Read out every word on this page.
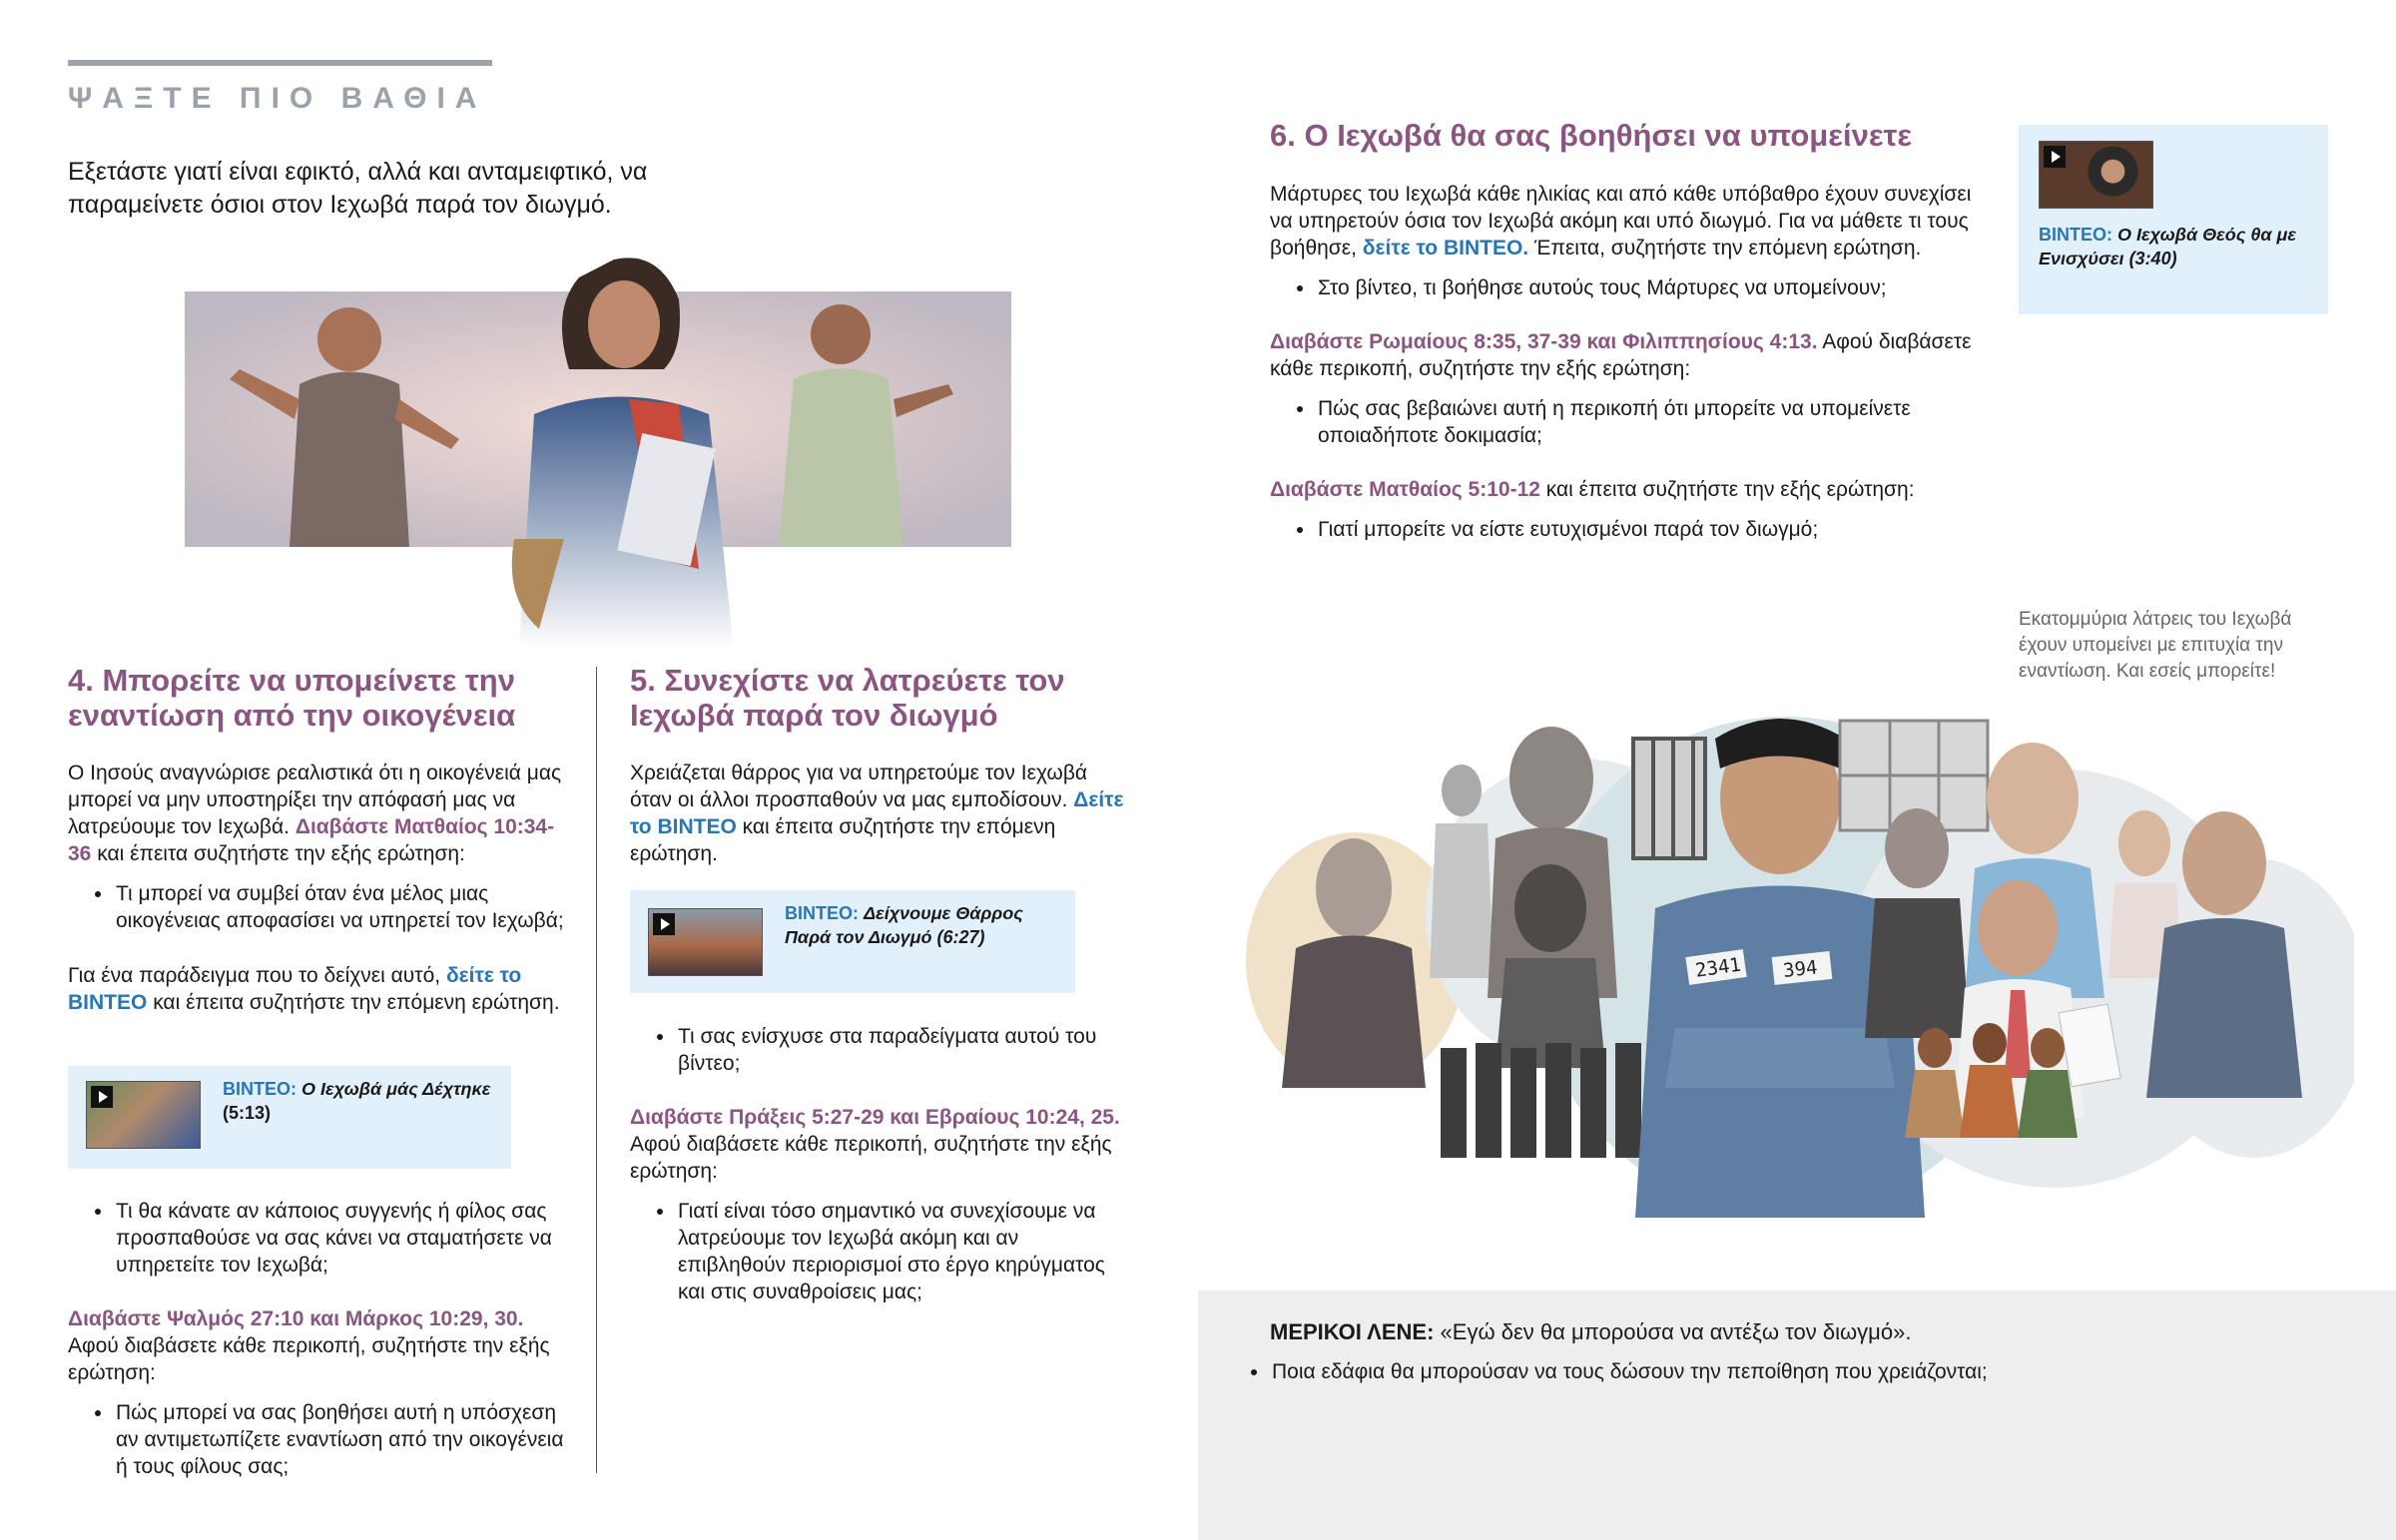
ΨΑΞΤΕ ΠΙΟ ΒΑΘΙΑ

Εξετάστε γιατί είναι εφικτό, αλλά και ανταμειφτικό, να παραμείνετε όσιοι στον Ιεχωβά παρά τον διωγμό.

4. Μπορείτε να υπομείνετε την εναντίωση από την οικογένεια

Ο Ιησούς αναγνώρισε ρεαλιστικά ότι η οικογένειά μας μπορεί να μην υποστηρίξει την απόφασή μας να λατρεύουμε τον Ιεχωβά. Διαβάστε Ματθαίος 10:34-36 και έπειτα συζητήστε την εξής ερώτηση:

• Τι μπορεί να συμβεί όταν ένα μέλος μιας οικογένειας αποφασίσει να υπηρετεί τον Ιεχωβά;

Για ένα παράδειγμα που το δείχνει αυτό, δείτε το ΒΙΝΤΕΟ και έπειτα συζητήστε την επόμενη ερώτηση.

ΒΙΝΤΕΟ: Ο Ιεχωβά μάς Δέχτηκε (5:13)
• Τι θα κάνατε αν κάποιος συγγενής ή φίλος σας προσπαθούσε να σας κάνει να σταματήσετε να υπηρετείτε τον Ιεχωβά;

Διαβάστε Ψαλμός 27:10 και Μάρκος 10:29, 30.
Αφού διαβάσετε κάθε περικοπή, συζητήστε την εξής ερώτηση:

• Πώς μπορεί να σας βοηθήσει αυτή η υπόσχεση αν αντιμετωπίζετε εναντίωση από την οικογένεια ή τους φίλους σας;
5. Συνεχίστε να λατρεύετε τον Ιεχωβά παρά τον διωγμό

Χρειάζεται θάρρος για να υπηρετούμε τον Ιεχωβά όταν οι άλλοι προσπαθούν να μας εμποδίσουν. Δείτε το ΒΙΝΤΕΟ και έπειτα συζητήστε την επόμενη ερώτηση.

ΒΙΝΤΕΟ: Δείχνουμε Θάρρος Παρά τον Διωγμό (6:27)
• Τι σας ενίσχυσε στα παραδείγματα αυτού του βίντεο;

Διαβάστε Πράξεις 5:27-29 και Εβραίους 10:24, 25. Αφού διαβάσετε κάθε περικοπή, συζητήστε την εξής ερώτηση:

• Γιατί είναι τόσο σημαντικό να συνεχίσουμε να λατρεύουμε τον Ιεχωβά ακόμη και αν επιβληθούν περιορισμοί στο έργο κηρύγματος και στις συναθροίσεις μας;
6. Ο Ιεχωβά θα σας βοηθήσει να υπομείνετε

Μάρτυρες του Ιεχωβά κάθε ηλικίας και από κάθε υπόβαθρο έχουν συνεχίσει να υπηρετούν όσια τον Ιεχωβά ακόμη και υπό διωγμό. Για να μάθετε τι τους βοήθησε, δείτε το ΒΙΝΤΕΟ. Έπειτα, συζητήστε την επόμενη ερώτηση.

• Στο βίντεο, τι βοήθησε αυτούς τους Μάρτυρες να υπομείνουν;

Διαβάστε Ρωμαίους 8:35, 37-39 και Φιλιππησίους 4:13. Αφού διαβάσετε κάθε περικοπή, συζητήστε την εξής ερώτηση:

• Πώς σας βεβαιώνει αυτή η περικοπή ότι μπορείτε να υπομείνετε οποιαδήποτε δοκιμασία;

Διαβάστε Ματθαίος 5:10-12 και έπειτα συζητήστε την εξής ερώτηση:

• Γιατί μπορείτε να είστε ευτυχισμένοι παρά τον διωγμό;
ΒΙΝΤΕΟ: Ο Ιεχωβά Θεός θα με Ενισχύσει (3:40)

Εκατομμύρια λάτρεις του Ιεχωβά έχουν υπομείνει με επιτυχία την εναντίωση. Και εσείς μπορείτε!

2341 394

ΜΕΡΙΚΟΙ ΛΕΝΕ: «Εγώ δεν θα μπορούσα να αντέξω τον διωγμό».

• Ποια εδάφια θα μπορούσαν να τους δώσουν την πεποίθηση που χρειάζονται;
